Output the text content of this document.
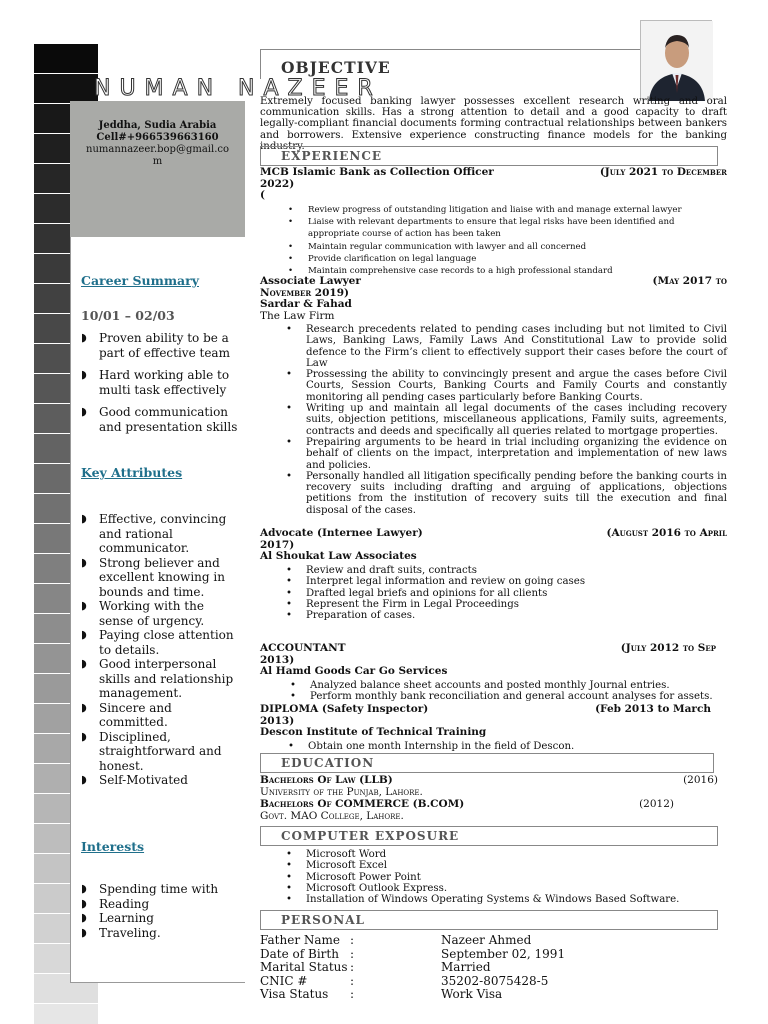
Jeddha, Sudia Arabia
Cell#+966539663160
numannazeer.bop@gmail.co
m
NUMAN NAZEER
Career Summary
10/01 – 02/03
◗ Proven ability to be a part of effective team
◗ Hard working able to multi task effectively
◗ Good communication and presentation skills
Key Attributes
◗ Effective, convincing and rational communicator.
◗ Strong believer and excellent knowing in bounds and time.
◗ Working with the sense of urgency.
◗ Paying close attention to details.
◗ Good interpersonal skills and relationship management.
◗ Sincere and committed.
◗ Disciplined, straightforward and honest.
◗ Self-Motivated
Interests
◗ Spending time with
◗ Reading
◗ Learning
◗ Traveling.
OBJECTIVE
Extremely focused banking lawyer possesses excellent research writing and oral communication skills. Has a strong attention to detail and a good capacity to draft legally-compliant financial documents forming contractual relationships between bankers and borrowers. Extensive experience constructing finance models for the banking industry.
EXPERIENCE
MCB Islamic Bank as Collection Officer	(July 2021 to December
2022)
(
• Review progress of outstanding litigation and liaise with and manage external lawyer
• Liaise with relevant departments to ensure that legal risks have been identified and appropriate course of action has been taken
• Maintain regular communication with lawyer and all concerned
• Provide clarification on legal language
• Maintain comprehensive case records to a high professional standard
Associate Lawyer	(May 2017 to
November 2019)
Sardar & Fahad
The Law Firm
• Research precedents related to pending cases including but not limited to Civil Laws, Banking Laws, Family Laws And Constitutional Law to provide solid defence to the Firm’s client to effectively support their cases before the court of Law
• Prossessing the ability to convincingly present and argue the cases before Civil Courts, Session Courts, Banking Courts and Family Courts and constantly monitoring all pending cases particularly before Banking Courts.
• Writing up and maintain all legal documents of the cases including recovery suits, objection petitions, miscellaneous applications, Family suits, agreements, contracts and deeds and specifically all queries related to mortgage properties.
• Prepairing arguments to be heard in trial including organizing the evidence on behalf of clients on the impact, interpretation and implementation of new laws and policies.
• Personally handled all litigation specifically pending before the banking courts in recovery suits including drafting and arguing of applications, objections petitions from the institution of recovery suits till the execution and final disposal of the cases.
Advocate (Internee Lawyer)	(August 2016 to April
2017)
Al Shoukat Law Associates
• Review and draft suits, contracts
• Interpret legal information and review on going cases
• Drafted legal briefs and opinions for all clients
• Represent the Firm in Legal Proceedings
• Preparation of cases.
ACCOUNTANT	(July 2012 to Sep
2013)
Al Hamd Goods Car Go Services
• Analyzed balance sheet accounts and posted monthly Journal entries.
• Perform monthly bank reconciliation and general account analyses for assets.
DIPLOMA (Safety Inspector)	(Feb 2013 to March
2013)
Descon Institute of Technical Training
• Obtain one month Internship in the field of Descon.
EDUCATION
Bachelors Of Law (LLB)	(2016)
University of the Punjab, Lahore.
Bachelors Of COMMERCE (B.COM)	(2012)
Govt. MAO College, Lahore.
COMPUTER EXPOSURE
• Microsoft Word
• Microsoft Excel
• Microsoft Power Point
• Microsoft Outlook Express.
• Installation of Windows Operating Systems & Windows Based Software.
PERSONAL
Father Name :	Nazeer Ahmed
Date of Birth :	September 02, 1991
Marital Status :	Married
CNIC #	:	35202-8075428-5
Visa Status :	Work Visa
